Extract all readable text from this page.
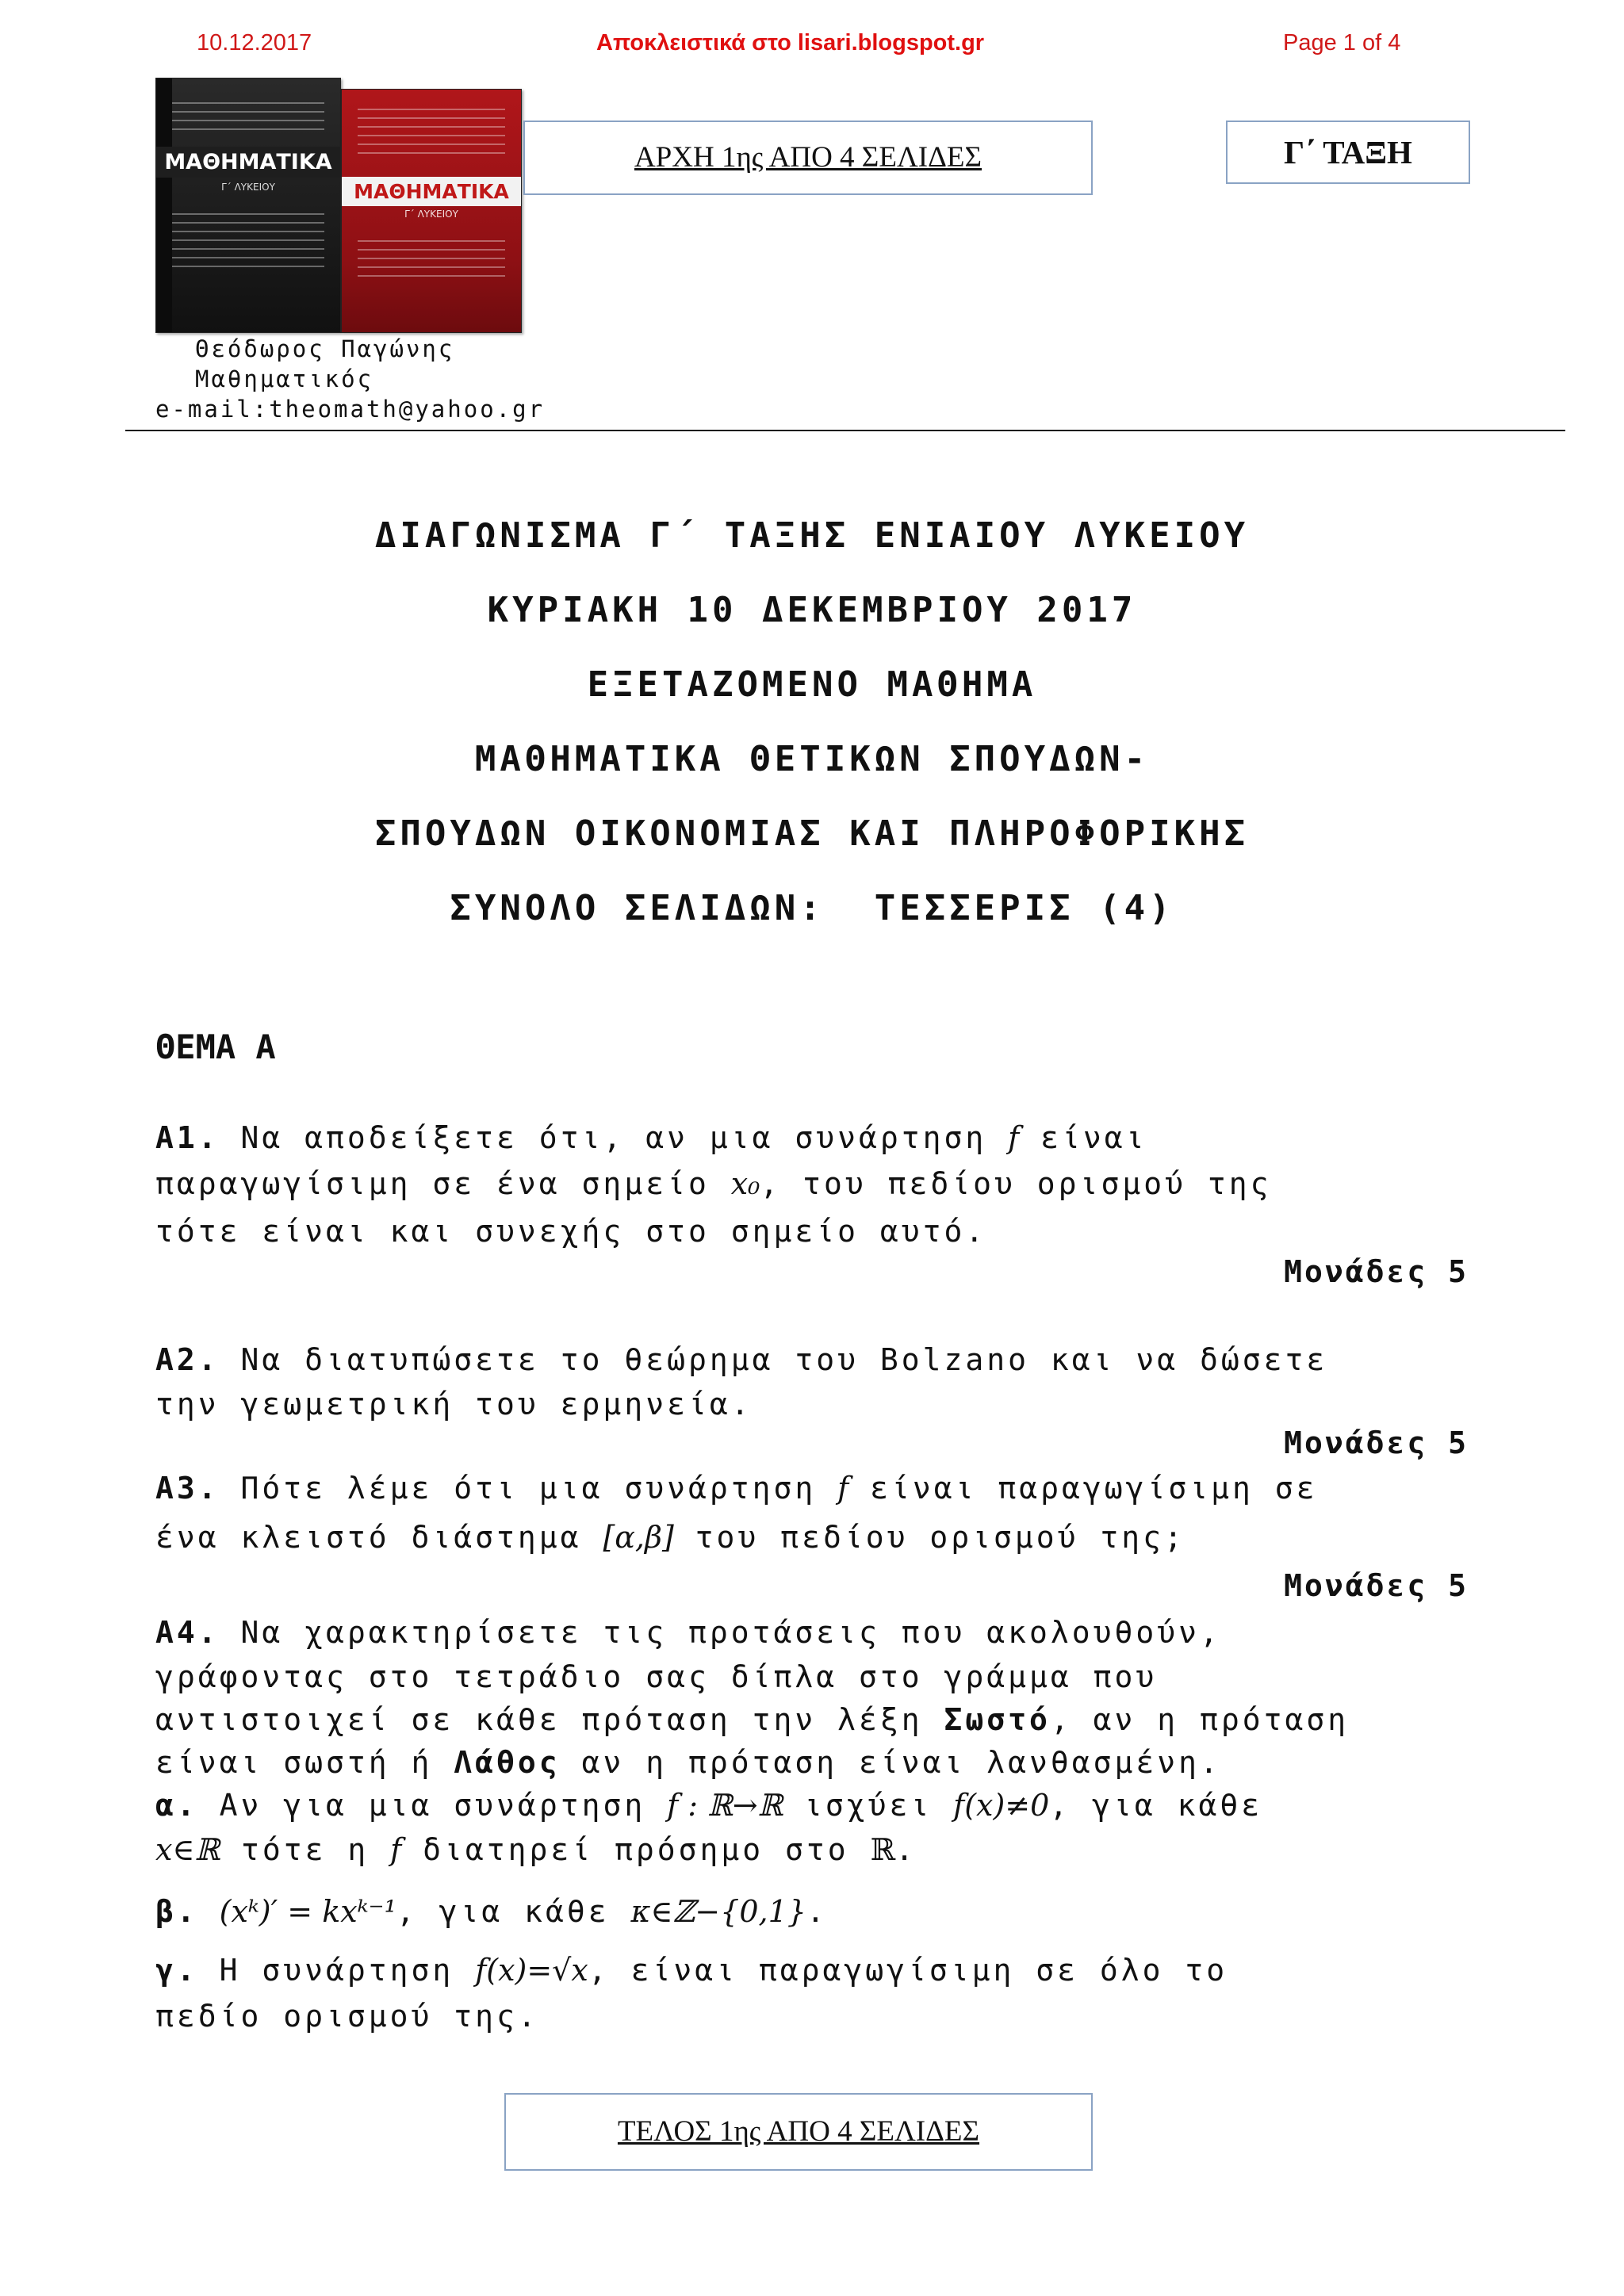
10.12.2017	Αποκλειστικά στο lisari.blogspot.gr	Page 1 of 4
ΜΑΘΗΜΑΤΙΚΑ
Γ΄ ΛΥΚΕΙΟΥ	ΜΑΘΗΜΑΤΙΚΑ
Γ΄ ΛΥΚΕΙΟΥ
ΑΡΧΗ 1ης ΑΠΟ 4 ΣΕΛΙΔΕΣ	Γ΄ ΤΑΞΗ
Θεόδωρος Παγώνης
Μαθηματικός
e-mail:theomath@yahoo.gr
ΔΙΑΓΩΝΙΣΜΑ Γ΄ ΤΑΞΗΣ ΕΝΙΑΙΟΥ ΛΥΚΕΙΟΥ
ΚΥΡΙΑΚΗ 10 ΔΕΚΕΜΒΡΙΟΥ 2017
ΕΞΕΤΑΖΟΜΕΝΟ ΜΑΘΗΜΑ
ΜΑΘΗΜΑΤΙΚΑ ΘΕΤΙΚΩΝ ΣΠΟΥΔΩΝ-
ΣΠΟΥΔΩΝ ΟΙΚΟΝΟΜΙΑΣ ΚΑΙ ΠΛΗΡΟΦΟΡΙΚΗΣ
ΣΥΝΟΛΟ ΣΕΛΙΔΩΝ:  ΤΕΣΣΕΡΙΣ (4)
ΘΕΜΑ Α
Α1. Να αποδείξετε ότι, αν μια συνάρτηση f είναι
παραγωγίσιμη σε ένα σημείο x₀, του πεδίου ορισμού της
τότε είναι και συνεχής στο σημείο αυτό.
Μονάδες 5
Α2. Να διατυπώσετε το θεώρημα του Bolzano και να δώσετε
την γεωμετρική του ερμηνεία.
Μονάδες 5
Α3. Πότε λέμε ότι μια συνάρτηση f είναι παραγωγίσιμη σε
ένα κλειστό διάστημα [α,β] του πεδίου ορισμού της;
Μονάδες 5
Α4. Να χαρακτηρίσετε τις προτάσεις που ακολουθούν,
γράφοντας στο τετράδιο σας δίπλα στο γράμμα που
αντιστοιχεί σε κάθε πρόταση την λέξη Σωστό, αν η πρόταση
είναι σωστή ή Λάθος αν η πρόταση είναι λανθασμένη.
α. Αν για μια συνάρτηση f : ℝ→ℝ ισχύει f(x)≠0, για κάθε
x∈ℝ τότε η f διατηρεί πρόσημο στο ℝ.
β. (xᵏ)′ = kxᵏ⁻¹, για κάθε κ∈ℤ−{0,1}.
γ. Η συνάρτηση f(x)=√x, είναι παραγωγίσιμη σε όλο το
πεδίο ορισμού της.
ΤΕΛΟΣ 1ης ΑΠΟ 4 ΣΕΛΙΔΕΣ
